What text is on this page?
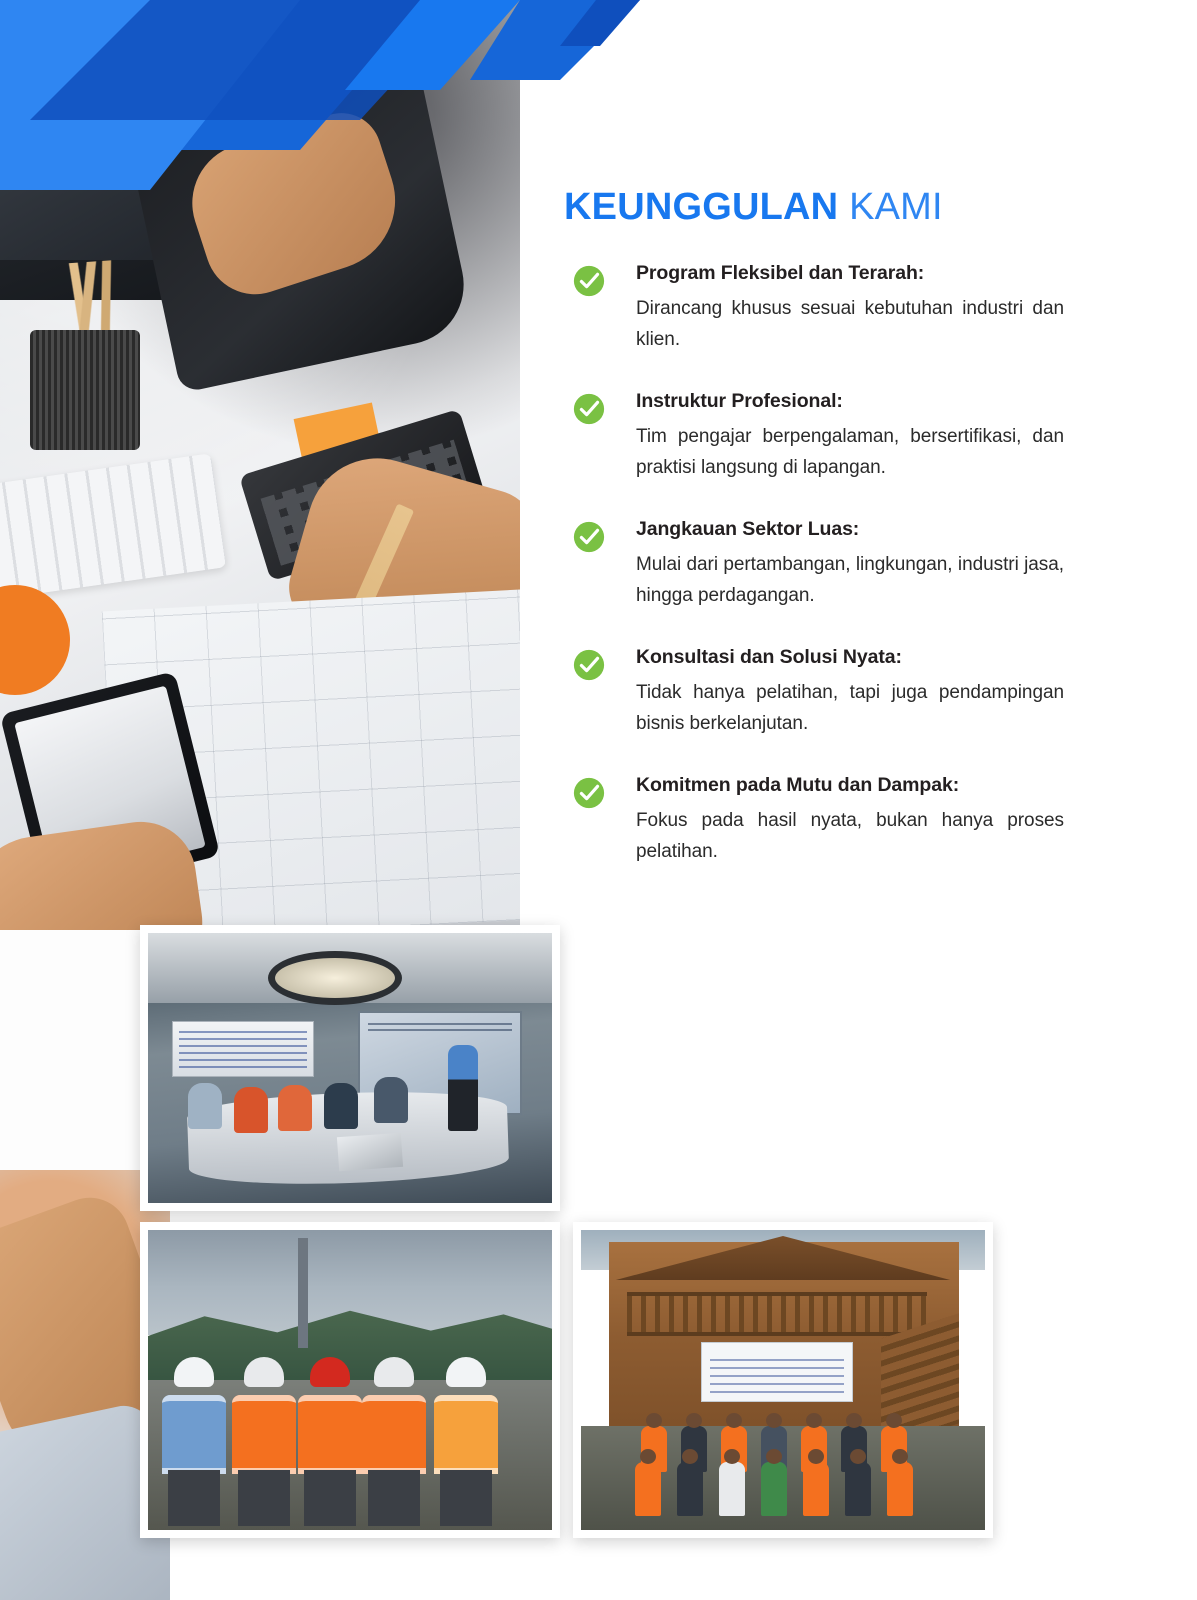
KEUNGGULAN KAMI
Program Fleksibel dan Terarah:
Dirancang khusus sesuai kebutuhan industri dan klien.
Instruktur Profesional:
Tim pengajar berpengalaman, bersertifikasi, dan praktisi langsung di lapangan.
Jangkauan Sektor Luas:
Mulai dari pertambangan, lingkungan, industri jasa, hingga perdagangan.
Konsultasi dan Solusi Nyata:
Tidak hanya pelatihan, tapi juga pendampingan bisnis berkelanjutan.
Komitmen pada Mutu dan Dampak:
Fokus pada hasil nyata, bukan hanya proses pelatihan.
